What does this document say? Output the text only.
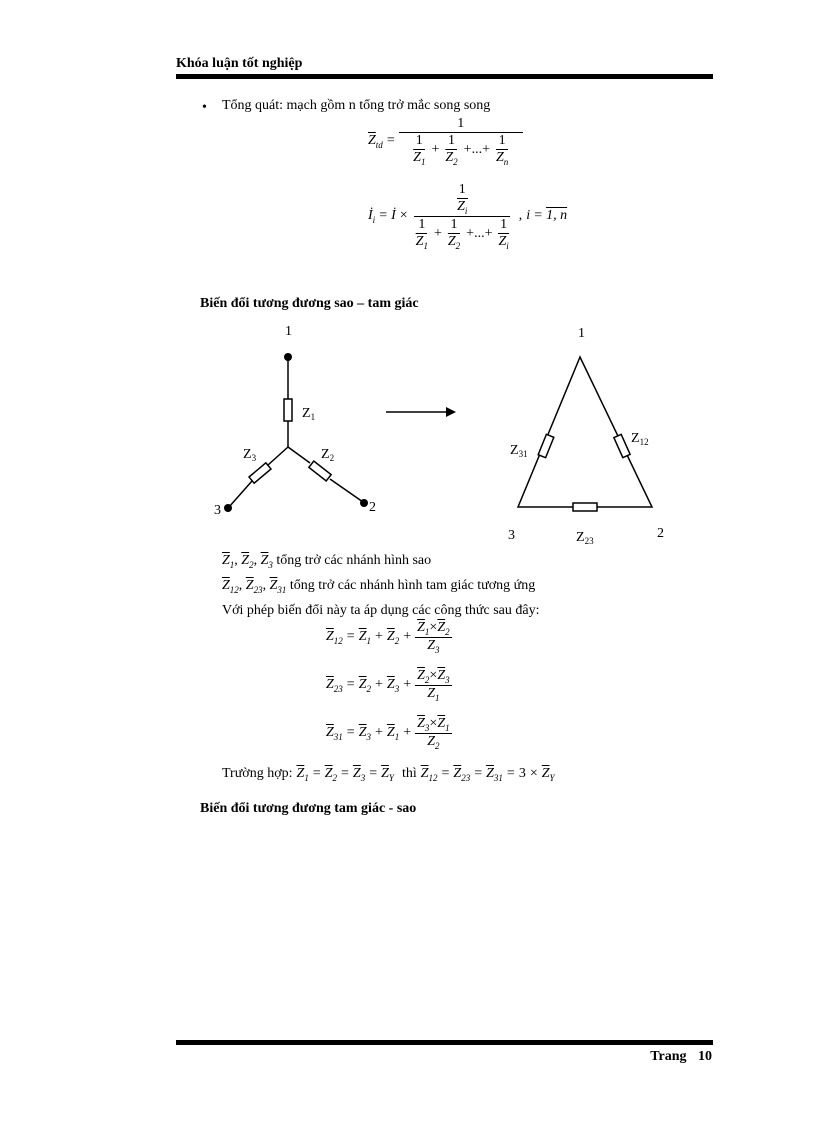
Khóa luận tốt nghiệp
• Tổng quát: mạch gồm n tổng trở mắc song song
$\overline{Z}_{td} = \frac{1}{\frac{1}{\overline{Z}_1} + \frac{1}{\overline{Z}_2} +...+ \frac{1}{\overline{Z}_n}}$
$İ_i$ = İ × $\frac{\frac{1}{\overline{Z}_i}}{\frac{1}{\overline{Z}_1} + \frac{1}{\overline{Z}_2} +...+ \frac{1}{\overline{Z}_i}}$ , i = 1, n
Biến đổi tương đương sao – tam giác
1
$Z_1$
3
$Z_3$
2
$Z_2$
1
3	2
$Z_{31}$
$Z_{12}$
$Z_{23}$
$\overline{Z}_1$, $\overline{Z}_2$, $\overline{Z}_3$ tổng trở các nhánh hình sao
$\overline{Z}_{12}$, $\overline{Z}_{23}$, $\overline{Z}_{31}$ tổng trở các nhánh hình tam giác tương ứng
Với phép biến đổi này ta áp dụng các công thức sau đây:
$\overline{Z}_{12} = \overline{Z}_1 + \overline{Z}_2 + \frac{\overline{Z}_1\times\overline{Z}_2}{\overline{Z}_3}$
$\overline{Z}_{23} = \overline{Z}_2 + \overline{Z}_3 + \frac{\overline{Z}_2\times\overline{Z}_3}{\overline{Z}_1}$
$\overline{Z}_{31} = \overline{Z}_3 + \overline{Z}_1 + \frac{\overline{Z}_3\times\overline{Z}_1}{\overline{Z}_2}$
Trường hợp: $\overline{Z}_1 = \overline{Z}_2 = \overline{Z}_3 = \overline{Z}_Y$ thì $\overline{Z}_{12} = \overline{Z}_{23} = \overline{Z}_{31} = 3 \times \overline{Z}_Y$
Biến đổi tương đương tam giác - sao
Trang 10
